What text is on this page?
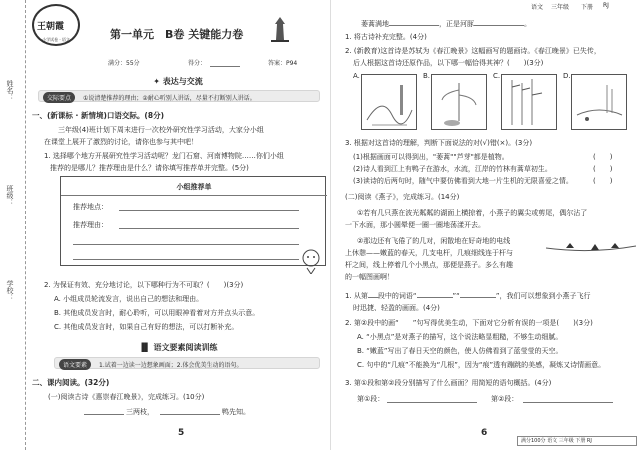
姓名：
班级：
学校：
王朝霞
小学试卷 · 语文	第一单元　B卷 关键能力卷
满分：55分	得分：	答案：P94
✦ 表达与交流
交际要点	①说清楚推荐的理由；②耐心听别人讲话，尽量不打断别人讲话。
一、(新课标 · 新情境)口语交际。(8分)
三年级(4)班计划下周末进行一次校外研究性学习活动，大家分小组
在课堂上展开了激烈的讨论，请你也参与其中吧！
1. 选择哪个地方开展研究性学习活动呢？龙门石窟、河南博物院……你们小组
推荐的是哪儿？推荐理由是什么？请你填写推荐单并完整。(5分)
小组推荐单
推荐地点：
推荐理由：
2. 为保证有效、充分地讨论，以下哪种行为不可取？(　　)(3分)
A. 小组成员轮流发言，说出自己的想法和理由。
B. 其他成员发言时，耐心聆听，可以用眼神看着对方并点头示意。
C. 其他成员发言时，如果自己有好的想法，可以打断补充。
▐▌ 语文要素阅读训练
语文要素	1.试着一边读一边想象画面；2.体会优美生动的语句。
二、课内阅读。(32分)
(一)阅读古诗《惠崇春江晚景》，完成练习。(10分)
三两枝，	鸭先知。
5
语文 三年级 下册 RJ
萎蒿满地	，正是河豚	。
1. 将古诗补充完整。(4分)
2. (新教育)这首诗是苏轼为《春江晚景》这幅画写的题画诗。《春江晚景》已失传，
后人根据这首诗还原作品，以下哪一幅恰得其神？(　　)(3分)
A.	B.	C.	D.
3. 根据对这首诗的理解，判断下面说法的对(√)错(×)。(3分)
(1)根据画面可以得到出，"萎蒿""芦芽"都是植物。	(　　)
(2)诗人看到江上有鸭子在游水，水流，江岸的竹林有蒿草初生。	(　　)
(3)读诗的后两句时，随气中要仿佛看到大地一片生机的无限喜爱之情。	(　　)
(二)阅读《燕子》，完成练习。(14分)
①若有几只燕在波光粼粼的湖面上横掠着，小燕子的翼尖或剪尾，偶尔沾了
一下水面，那小圆晕便一圈一圈地荡漾开去。
②那边还有飞倦了的几对，闲散地在好奇地的电线
上休憩——嫩蓝的春天，几支电杆，几痕细线连于杆与
杆之间，线上停着几个小黑点，那便是燕子。多么有趣
的一幅图画啊！
1. 从第 段中的词语“	”“	”，我们可以想象到小燕子飞行
时迅捷、轻盈的画面。(4分)
2. 第②段中的画“　　”句写得优美生动，下面对它分析有误的一项是(　　)(3分)
A. “小黑点”是对燕子的描写，这个说法略显粗糙，不够生动细腻。
B. “嫩蓝”写出了春日天空的颜色，使人仿佛看到了蓝莹莹的天空。
C. 句中的“几痕”不能换为“几根”，因为“痕”透有蹦跳的美感，凝炼又诗情画意。
3. 第①段和第②段分别描写了什么画面？用简短的语句概括。(4分)
第①段：	第②段：
6
满分100分 语文 三年级 下册 RJ
